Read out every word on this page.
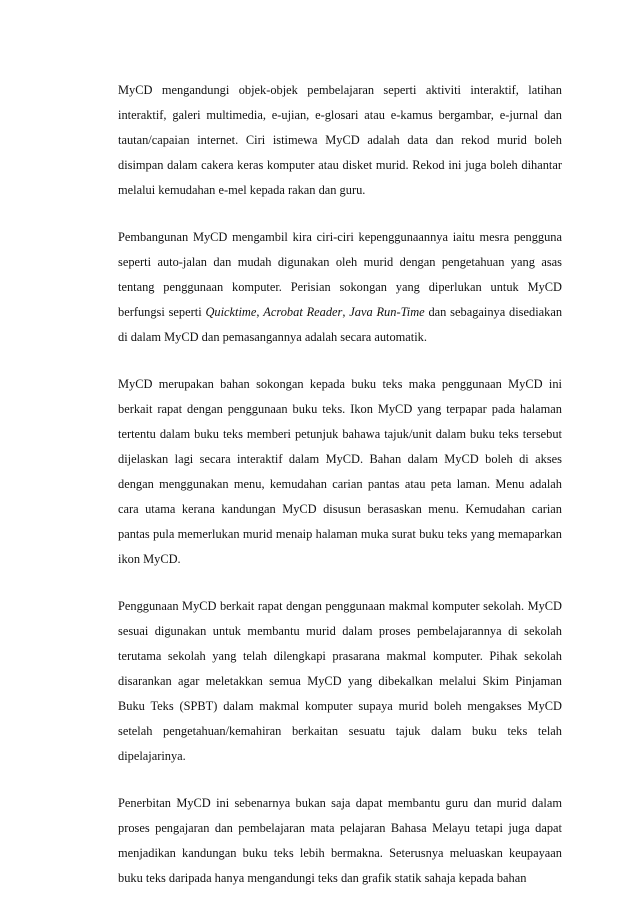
MyCD mengandungi objek-objek pembelajaran seperti aktiviti interaktif, latihan interaktif, galeri multimedia, e-ujian, e-glosari atau e-kamus bergambar, e-jurnal dan tautan/capaian internet. Ciri istimewa MyCD adalah data dan rekod murid boleh disimpan dalam cakera keras komputer atau disket murid. Rekod ini juga boleh dihantar melalui kemudahan e-mel kepada rakan dan guru.

Pembangunan MyCD mengambil kira ciri-ciri kepenggunaannya iaitu mesra pengguna seperti auto-jalan dan mudah digunakan oleh murid dengan pengetahuan yang asas tentang penggunaan komputer. Perisian sokongan yang diperlukan untuk MyCD berfungsi seperti Quicktime, Acrobat Reader, Java Run-Time dan sebagainya disediakan di dalam MyCD dan pemasangannya adalah secara automatik.

MyCD merupakan bahan sokongan kepada buku teks maka penggunaan MyCD ini berkait rapat dengan penggunaan buku teks. Ikon MyCD yang terpapar pada halaman tertentu dalam buku teks memberi petunjuk bahawa tajuk/unit dalam buku teks tersebut dijelaskan lagi secara interaktif dalam MyCD. Bahan dalam MyCD boleh di akses dengan menggunakan menu, kemudahan carian pantas atau peta laman. Menu adalah cara utama kerana kandungan MyCD disusun berasaskan menu. Kemudahan carian pantas pula memerlukan murid menaip halaman muka surat buku teks yang memaparkan ikon MyCD.

Penggunaan MyCD berkait rapat dengan penggunaan makmal komputer sekolah. MyCD sesuai digunakan untuk membantu murid dalam proses pembelajarannya di sekolah terutama sekolah yang telah dilengkapi prasarana makmal komputer. Pihak sekolah disarankan agar meletakkan semua MyCD yang dibekalkan melalui Skim Pinjaman Buku Teks (SPBT) dalam makmal komputer supaya murid boleh mengakses MyCD setelah pengetahuan/kemahiran berkaitan sesuatu tajuk dalam buku teks telah dipelajarinya.

Penerbitan MyCD ini sebenarnya bukan saja dapat membantu guru dan murid dalam proses pengajaran dan pembelajaran mata pelajaran Bahasa Melayu tetapi juga dapat menjadikan kandungan buku teks lebih bermakna. Seterusnya meluaskan keupayaan buku teks daripada hanya mengandungi teks dan grafik statik sahaja kepada bahan
